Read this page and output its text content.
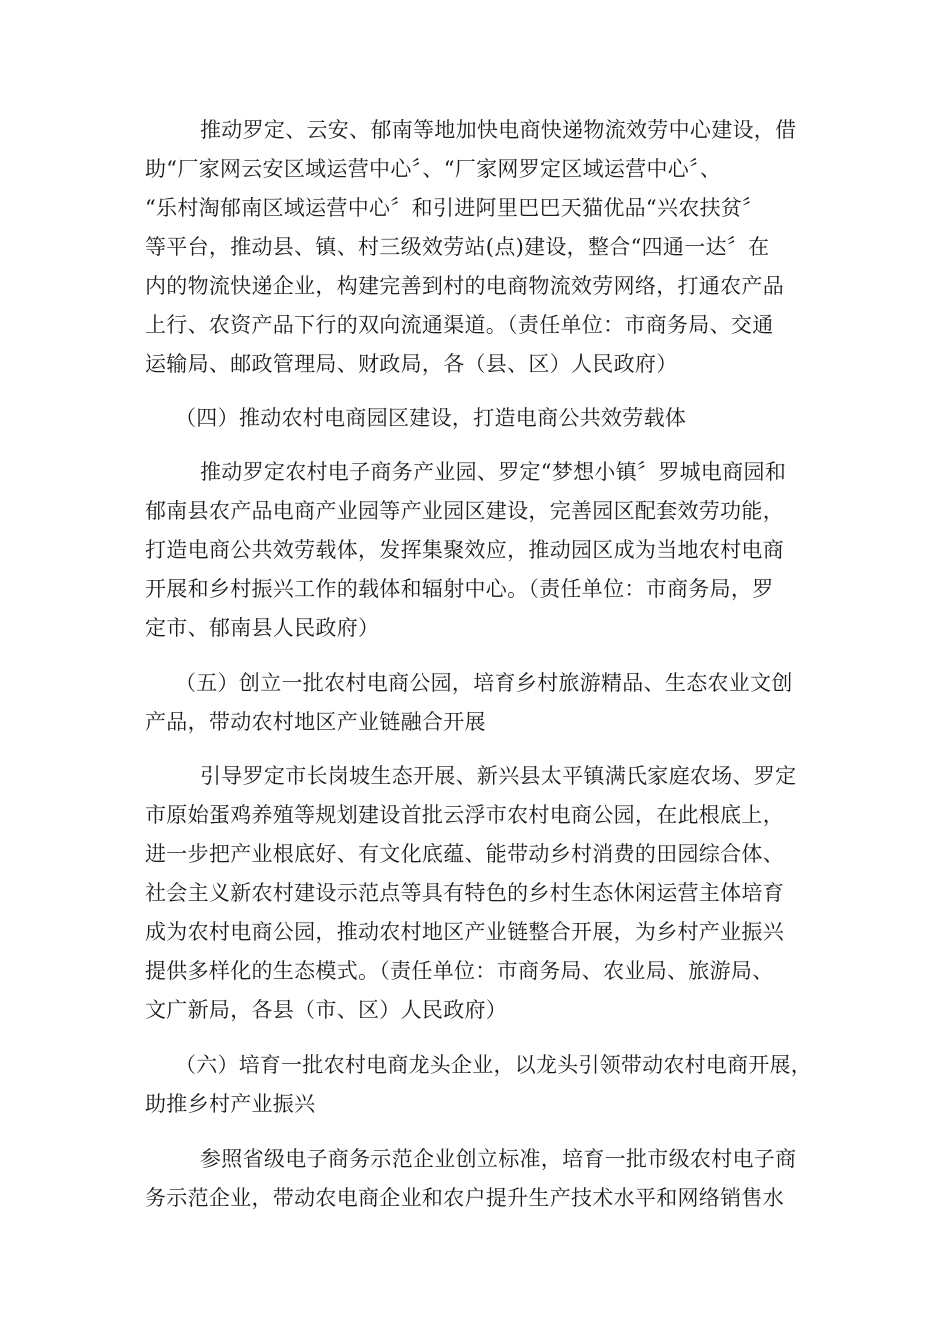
推动罗定、云安、郁南等地加快电商快递物流效劳中心建设，借
助“厂家网云安区域运营中心〞、“厂家网罗定区域运营中心〞、
“乐村淘郁南区域运营中心〞和引进阿里巴巴天猫优品“兴农扶贫〞
等平台，推动县、镇、村三级效劳站(点)建设，整合“四通一达〞在
内的物流快递企业，构建完善到村的电商物流效劳网络，打通农产品
上行、农资产品下行的双向流通渠道。（责任单位：市商务局、交通
运输局、邮政管理局、财政局，各（县、区）人民政府）
（四）推动农村电商园区建设，打造电商公共效劳载体
推动罗定农村电子商务产业园、罗定“梦想小镇〞罗城电商园和
郁南县农产品电商产业园等产业园区建设，完善园区配套效劳功能，
打造电商公共效劳载体，发挥集聚效应，推动园区成为当地农村电商
开展和乡村振兴工作的载体和辐射中心。（责任单位：市商务局，罗
定市、郁南县人民政府）
（五）创立一批农村电商公园，培育乡村旅游精品、生态农业文创
产品，带动农村地区产业链融合开展
引导罗定市长岗坡生态开展、新兴县太平镇满氏家庭农场、罗定
市原始蛋鸡养殖等规划建设首批云浮市农村电商公园，在此根底上，
进一步把产业根底好、有文化底蕴、能带动乡村消费的田园综合体、
社会主义新农村建设示范点等具有特色的乡村生态休闲运营主体培育
成为农村电商公园，推动农村地区产业链整合开展，为乡村产业振兴
提供多样化的生态模式。（责任单位：市商务局、农业局、旅游局、
文广新局，各县（市、区）人民政府）
（六）培育一批农村电商龙头企业，以龙头引领带动农村电商开展，
助推乡村产业振兴
参照省级电子商务示范企业创立标准，培育一批市级农村电子商
务示范企业，带动农电商企业和农户提升生产技术水平和网络销售水
